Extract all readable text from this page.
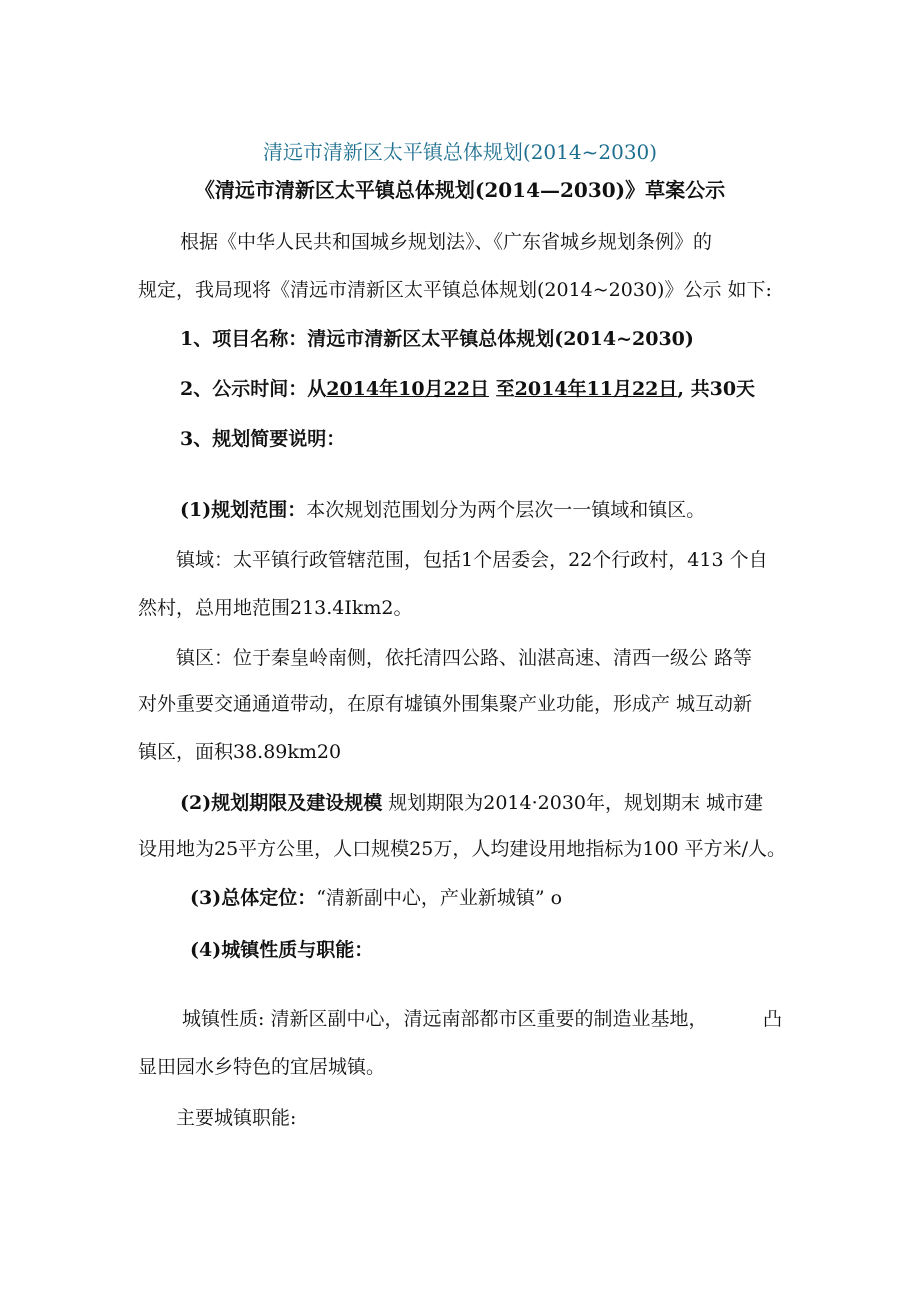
清远市清新区太平镇总体规划(2014~2030)
《清远市清新区太平镇总体规划(2014—2030)》草案公示
根据《中华人民共和国城乡规划法》、《广东省城乡规划条例》的
规定，我局现将《清远市清新区太平镇总体规划(2014~2030)》公示 如下:
1、项目名称：清远市清新区太平镇总体规划(2014~2030)
2、公示时间：从2014年10月22日 至2014年11月22日, 共30天
3、规划简要说明：
(1)规划范围：本次规划范围划分为两个层次一一镇域和镇区。
镇域：太平镇行政管辖范围，包括1个居委会，22个行政村，413 个自
然村，总用地范围213.4Ikm2。
镇区：位于秦皇岭南侧，依托清四公路、汕湛高速、清西一级公 路等
对外重要交通通道带动，在原有墟镇外围集聚产业功能，形成产 城互动新
镇区，面积38.89km20
(2)规划期限及建设规模 规划期限为2014·2030年，规划期末 城市建
设用地为25平方公里，人口规模25万，人均建设用地指标为100 平方米/人。
(3)总体定位：“清新副中心，产业新城镇” o
(4)城镇性质与职能：
城镇性质: 清新区副中心，清远南部都市区重要的制造业基地，	凸
显田园水乡特色的宜居城镇。
主要城镇职能:
